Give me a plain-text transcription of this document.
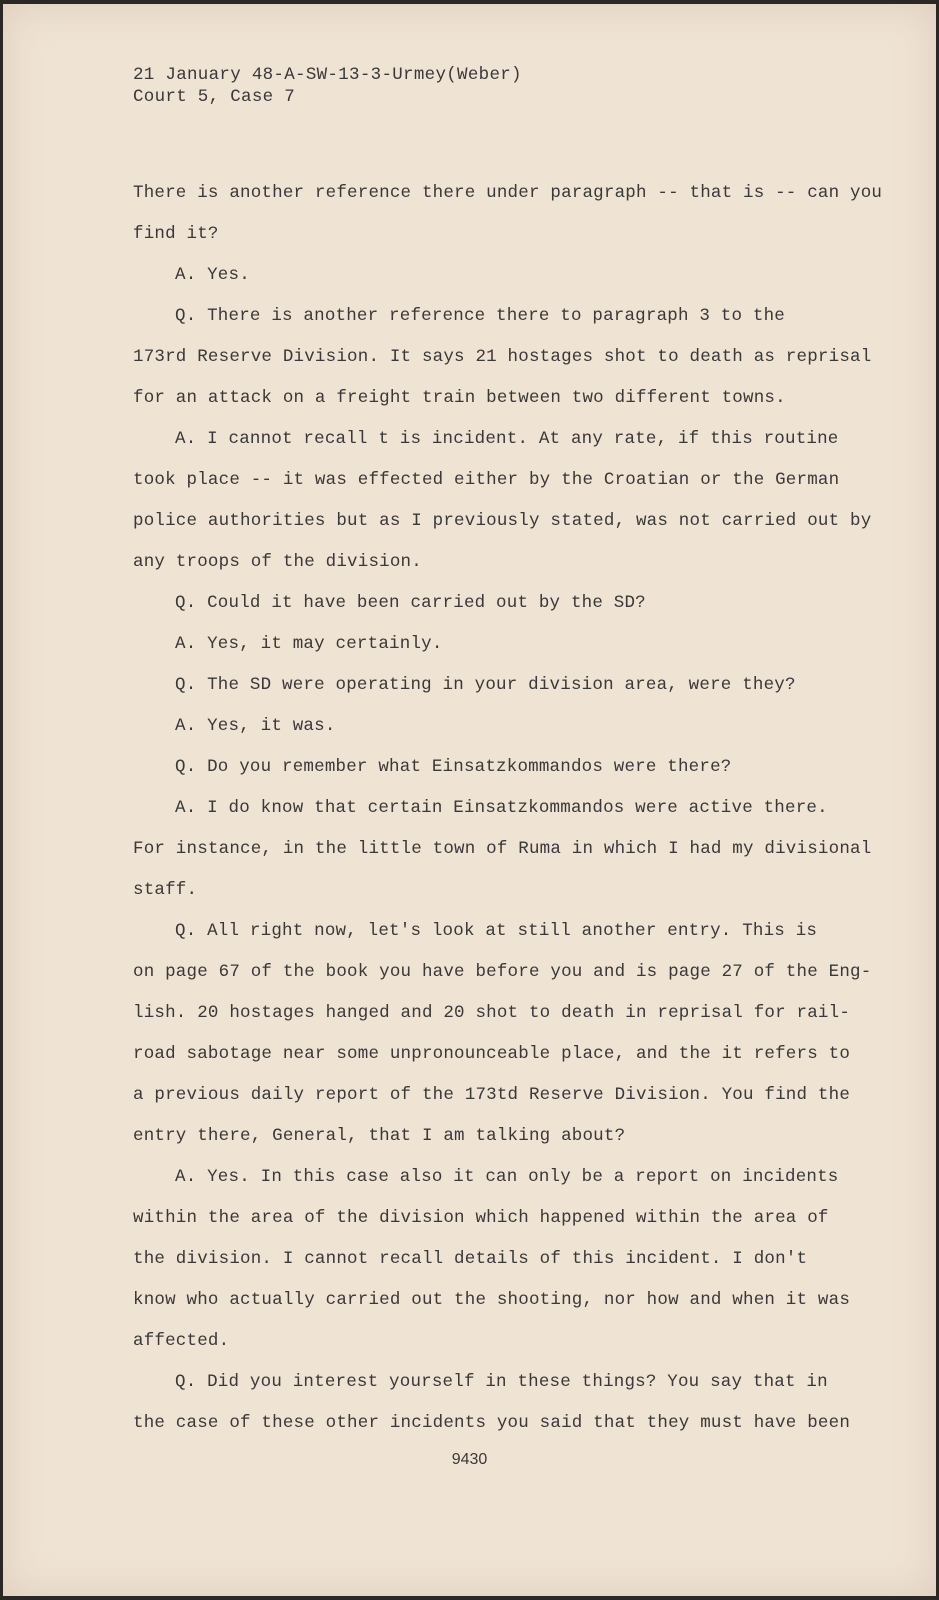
21 January 48-A-SW-13-3-Urmey(Weber)
Court 5, Case 7
There is another reference there under paragraph -- that is -- can you
find it?
A. Yes.
Q. There is another reference there to paragraph 3 to the
173rd Reserve Division. It says 21 hostages shot to death as reprisal
for an attack on a freight train between two different towns.
A. I cannot recall t is incident. At any rate, if this routine
took place -- it was effected either by the Croatian or the German
police authorities but as I previously stated, was not carried out by
any troops of the division.
Q. Could it have been carried out by the SD?
A. Yes, it may certainly.
Q. The SD were operating in your division area, were they?
A. Yes, it was.
Q. Do you remember what Einsatzkommandos were there?
A. I do know that certain Einsatzkommandos were active there.
For instance, in the little town of Ruma in which I had my divisional
staff.
Q. All right now, let's look at still another entry. This is
on page 67 of the book you have before you and is page 27 of the Eng-
lish. 20 hostages hanged and 20 shot to death in reprisal for rail-
road sabotage near some unpronounceable place, and the it refers to
a previous daily report of the 173td Reserve Division. You find the
entry there, General, that I am talking about?
A. Yes. In this case also it can only be a report on incidents
within the area of the division which happened within the area of
the division. I cannot recall details of this incident. I don't
know who actually carried out the shooting, nor how and when it was
affected.
Q. Did you interest yourself in these things? You say that in
the case of these other incidents you said that they must have been
9430
